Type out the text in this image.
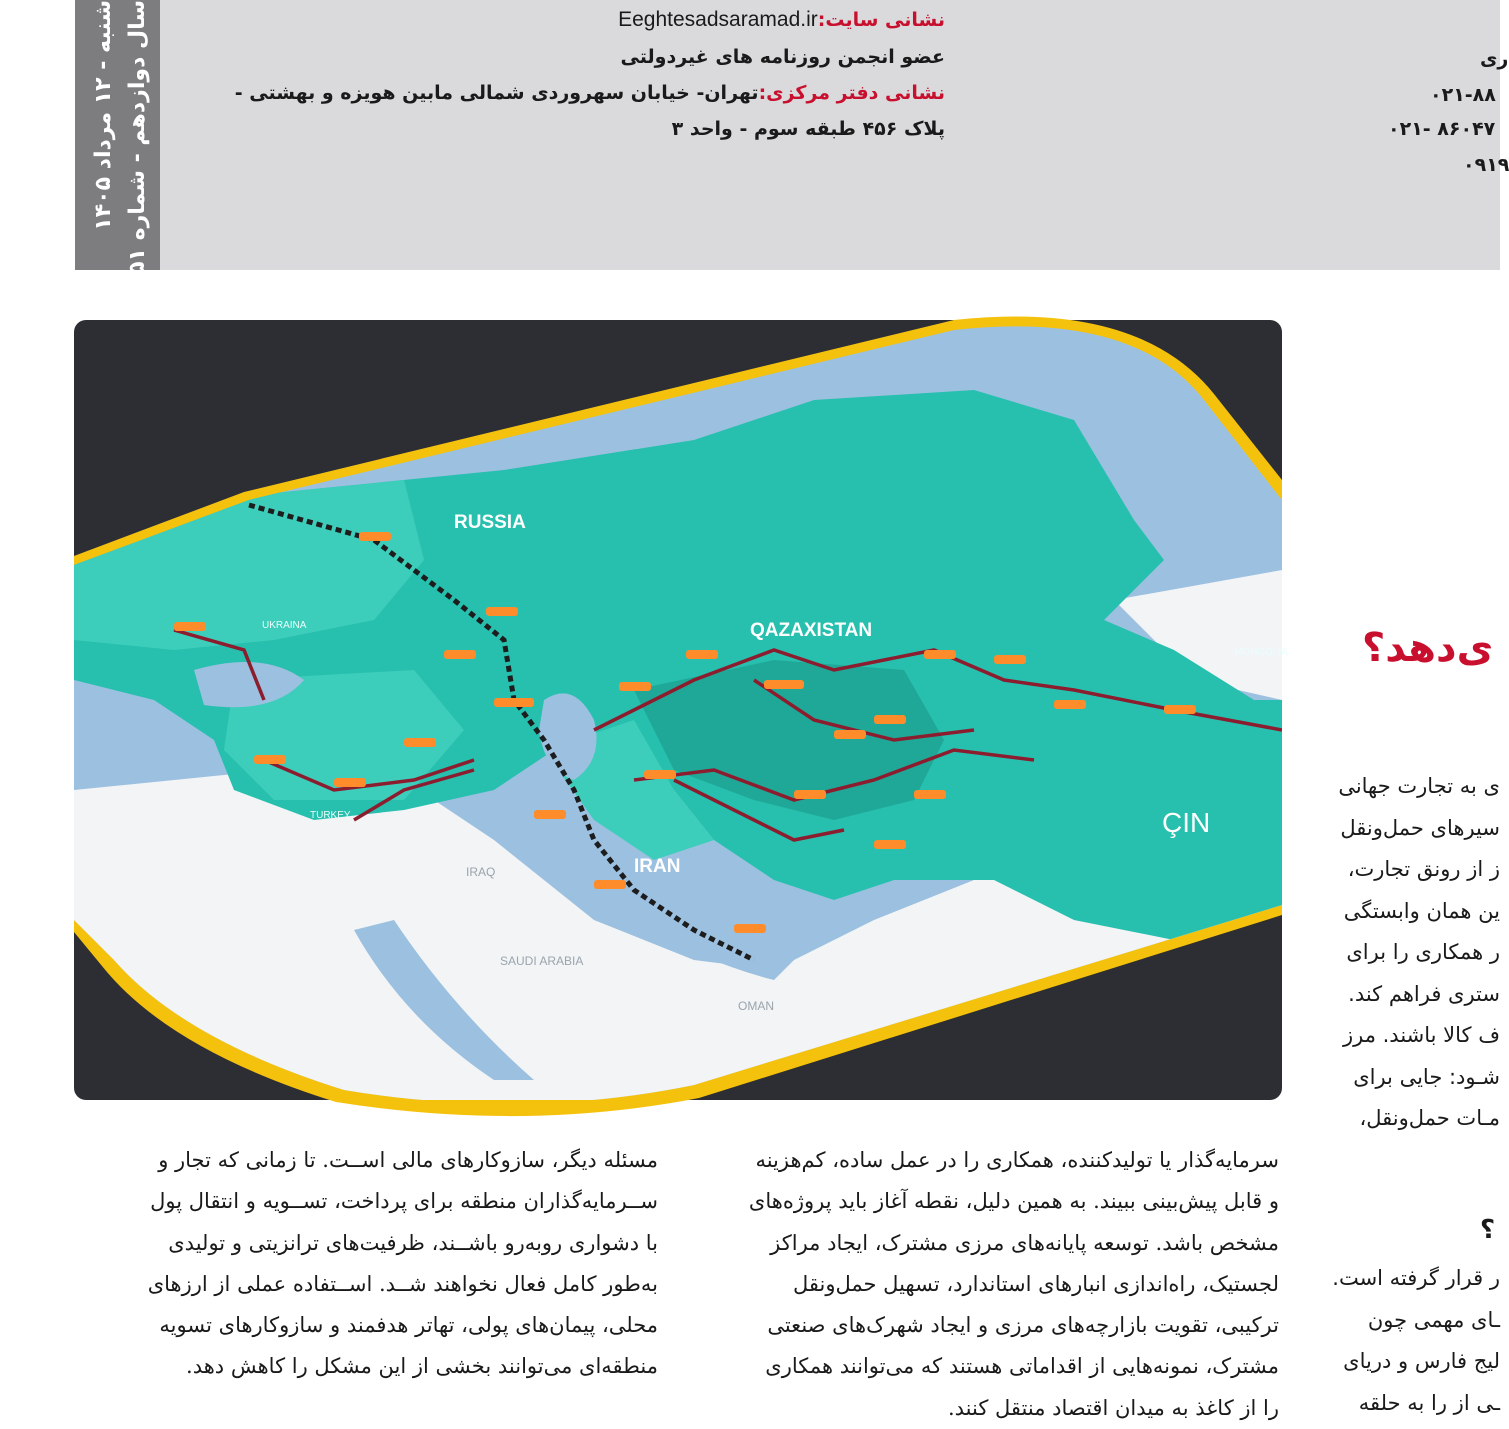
نشانی سایت:Eeghtesadsaramad.ir
عضو انجمن روزنامه های غیردولتی
نشانی دفتر مرکزی:تهران- خیابان سهروردی شمالی مابین هویزه و بهشتی -
پلاک ۴۵۶ طبقه سوم - واحد ۳
ری
۰۲۱-۸۸
۰۲۱- ۸۶۰۴۷
۰۹۱۹
شنبه - ۱۲ مرداد ۱۴۰۵
سال دوازدهم - شماره ۲۵۵۱
RUSSIA
QAZAXISTAN
ÇIN
IRAN
IRAQ
SAUDI ARABIA
OMAN
TURKEY
UKRAINA
MONGOLIA ی‌دهد؟
ی به تجارت جهانی
سیرهای حمل‌ونقل
ز از رونق تجارت،
ین همان وابستگی
ر همکاری را برای
ستری فراهم کند.
ف کالا باشند. مرز
شـود: جایی برای
مـات حمل‌ونقل،
؟
ر قرار گرفته است.
ـای مهمی چون
لیج فارس و دریای
ـی از را به حلقه
سرمایه‌گذار یا تولیدکننده، همکاری را در عمل ساده، کم‌هزینه
و قابل پیش‌بینی ببیند. به همین دلیل، نقطه آغاز باید پروژه‌های
مشخص باشد. توسعه پایانه‌های مرزی مشترک، ایجاد مراکز
لجستیک، راه‌اندازی انبارهای استاندارد، تسهیل حمل‌ونقل
ترکیبی، تقویت بازارچه‌های مرزی و ایجاد شهرک‌های صنعتی
مشترک، نمونه‌هایی از اقداماتی هستند که می‌توانند همکاری
را از کاغذ به میدان اقتصاد منتقل کنند.
مسئله دیگر، سازوکارهای مالی اســت. تا زمانی که تجار و
ســرمایه‌گذاران منطقه برای پرداخت، تســویه و انتقال پول
با دشواری روبه‌رو باشــند، ظرفیت‌های ترانزیتی و تولیدی
به‌طور کامل فعال نخواهند شــد. اســتفاده عملی از ارزهای
محلی، پیمان‌های پولی، تهاتر هدفمند و سازوکارهای تسویه
منطقه‌ای می‌توانند بخشی از این مشکل را کاهش دهد.
